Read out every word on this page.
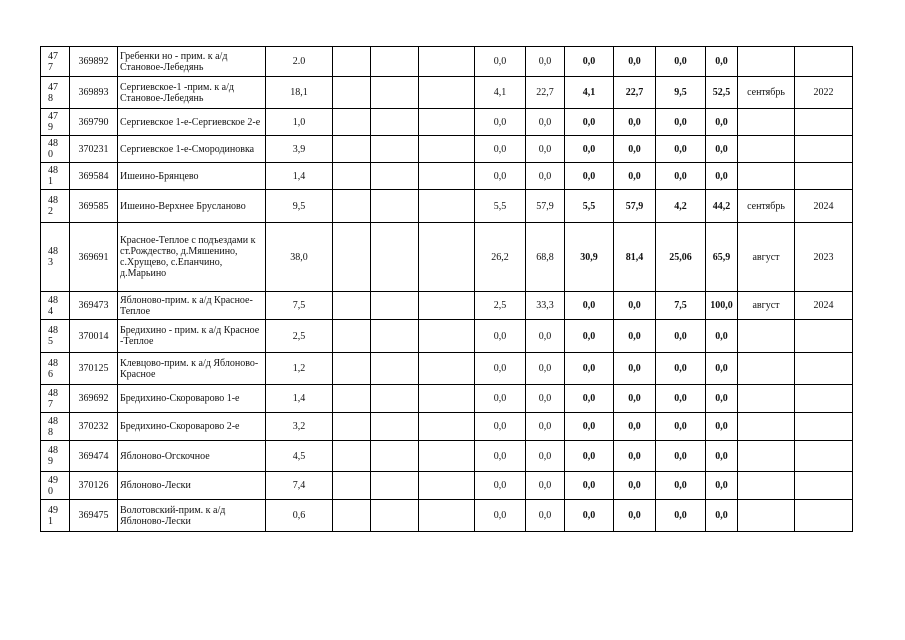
477	369892	Гребенки но - прим. к а/д Становое-Лебедянь	2.0				0,0	0,0	0,0	0,0	0,0	0,0		

478	369893	Сергиевское-1 -прим. к а/д Становое-Лебедянь	18,1				4,1	22,7	4,1	22,7	9,5	52,5	сентябрь	2022

479	369790	Сергиевское 1-е-Сергиевское 2-е	1,0				0,0	0,0	0,0	0,0	0,0	0,0		

480	370231	Сергиевское 1-е-Смородиновка	3,9				0,0	0,0	0,0	0,0	0,0	0,0		

481	369584	Ишеино-Брянцево	1,4				0,0	0,0	0,0	0,0	0,0	0,0		

482	369585	Ишеино-Верхнее Брусланово	9,5				5,5	57,9	5,5	57,9	4,2	44,2	сентябрь	2024

483	369691	Красное-Теплое с подъездами к ст.Рождество, д.Мяшенино, с.Хрущево, с.Епанчино, д.Марьино	38,0				26,2	68,8	30,9	81,4	25,06	65,9	август	2023

484	369473	Яблоново-прим. к а/д Красное-Теплое	7,5				2,5	33,3	0,0	0,0	7,5	100,0	август	2024

485	370014	Бредихино - прим. к а/д Красное -Теплое	2,5				0,0	0,0	0,0	0,0	0,0	0,0		

486	370125	Клевцово-прим. к а/д Яблоново-Красное	1,2				0,0	0,0	0,0	0,0	0,0	0,0		

487	369692	Бредихино-Скороварово 1-е	1,4				0,0	0,0	0,0	0,0	0,0	0,0		

488	370232	Бредихино-Скороварово 2-е	3,2				0,0	0,0	0,0	0,0	0,0	0,0		

489	369474	Яблоново-Огскочное	4,5				0,0	0,0	0,0	0,0	0,0	0,0		

490	370126	Яблоново-Лески	7,4				0,0	0,0	0,0	0,0	0,0	0,0		

491	369475	Волотовский-прим. к а/д Яблоново-Лески	0,6				0,0	0,0	0,0	0,0	0,0	0,0		
